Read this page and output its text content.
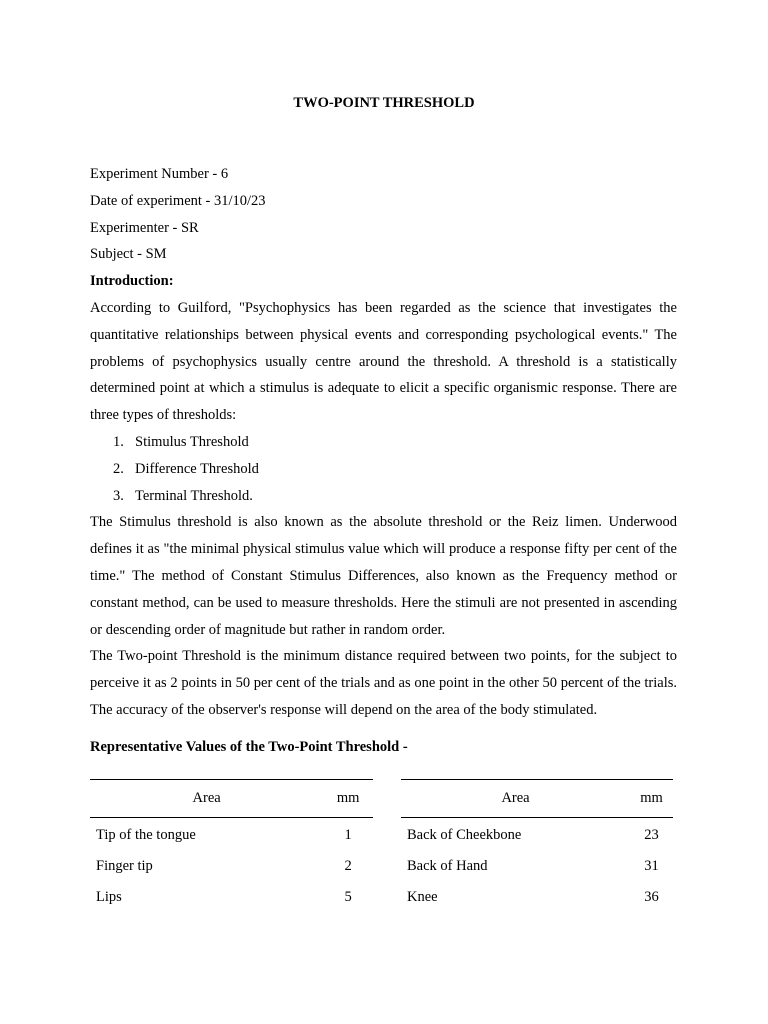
TWO-POINT THRESHOLD

Experiment Number - 6

Date of experiment - 31/10/23

Experimenter - SR

Subject - SM

Introduction:

According to Guilford, "Psychophysics has been regarded as the science that investigates the quantitative relationships between physical events and corresponding psychological events." The problems of psychophysics usually centre around the threshold. A threshold is a statistically determined point at which a stimulus is adequate to elicit a specific organismic response. There are three types of thresholds:

1. Stimulus Threshold
2. Difference Threshold
3. Terminal Threshold.

The Stimulus threshold is also known as the absolute threshold or the Reiz limen. Underwood defines it as "the minimal physical stimulus value which will produce a response fifty per cent of the time." The method of Constant Stimulus Differences, also known as the Frequency method or constant method, can be used to measure thresholds. Here the stimuli are not presented in ascending or descending order of magnitude but rather in random order.

The Two-point Threshold is the minimum distance required between two points, for the subject to perceive it as 2 points in 50 per cent of the trials and as one point in the other 50 percent of the trials. The accuracy of the observer's response will depend on the area of the body stimulated.

Representative Values of the Two-Point Threshold -
Area	mm
Tip of the tongue	1
Finger tip	2
Lips	5
Area	mm
Back of Cheekbone	23
Back of Hand	31
Knee	36
